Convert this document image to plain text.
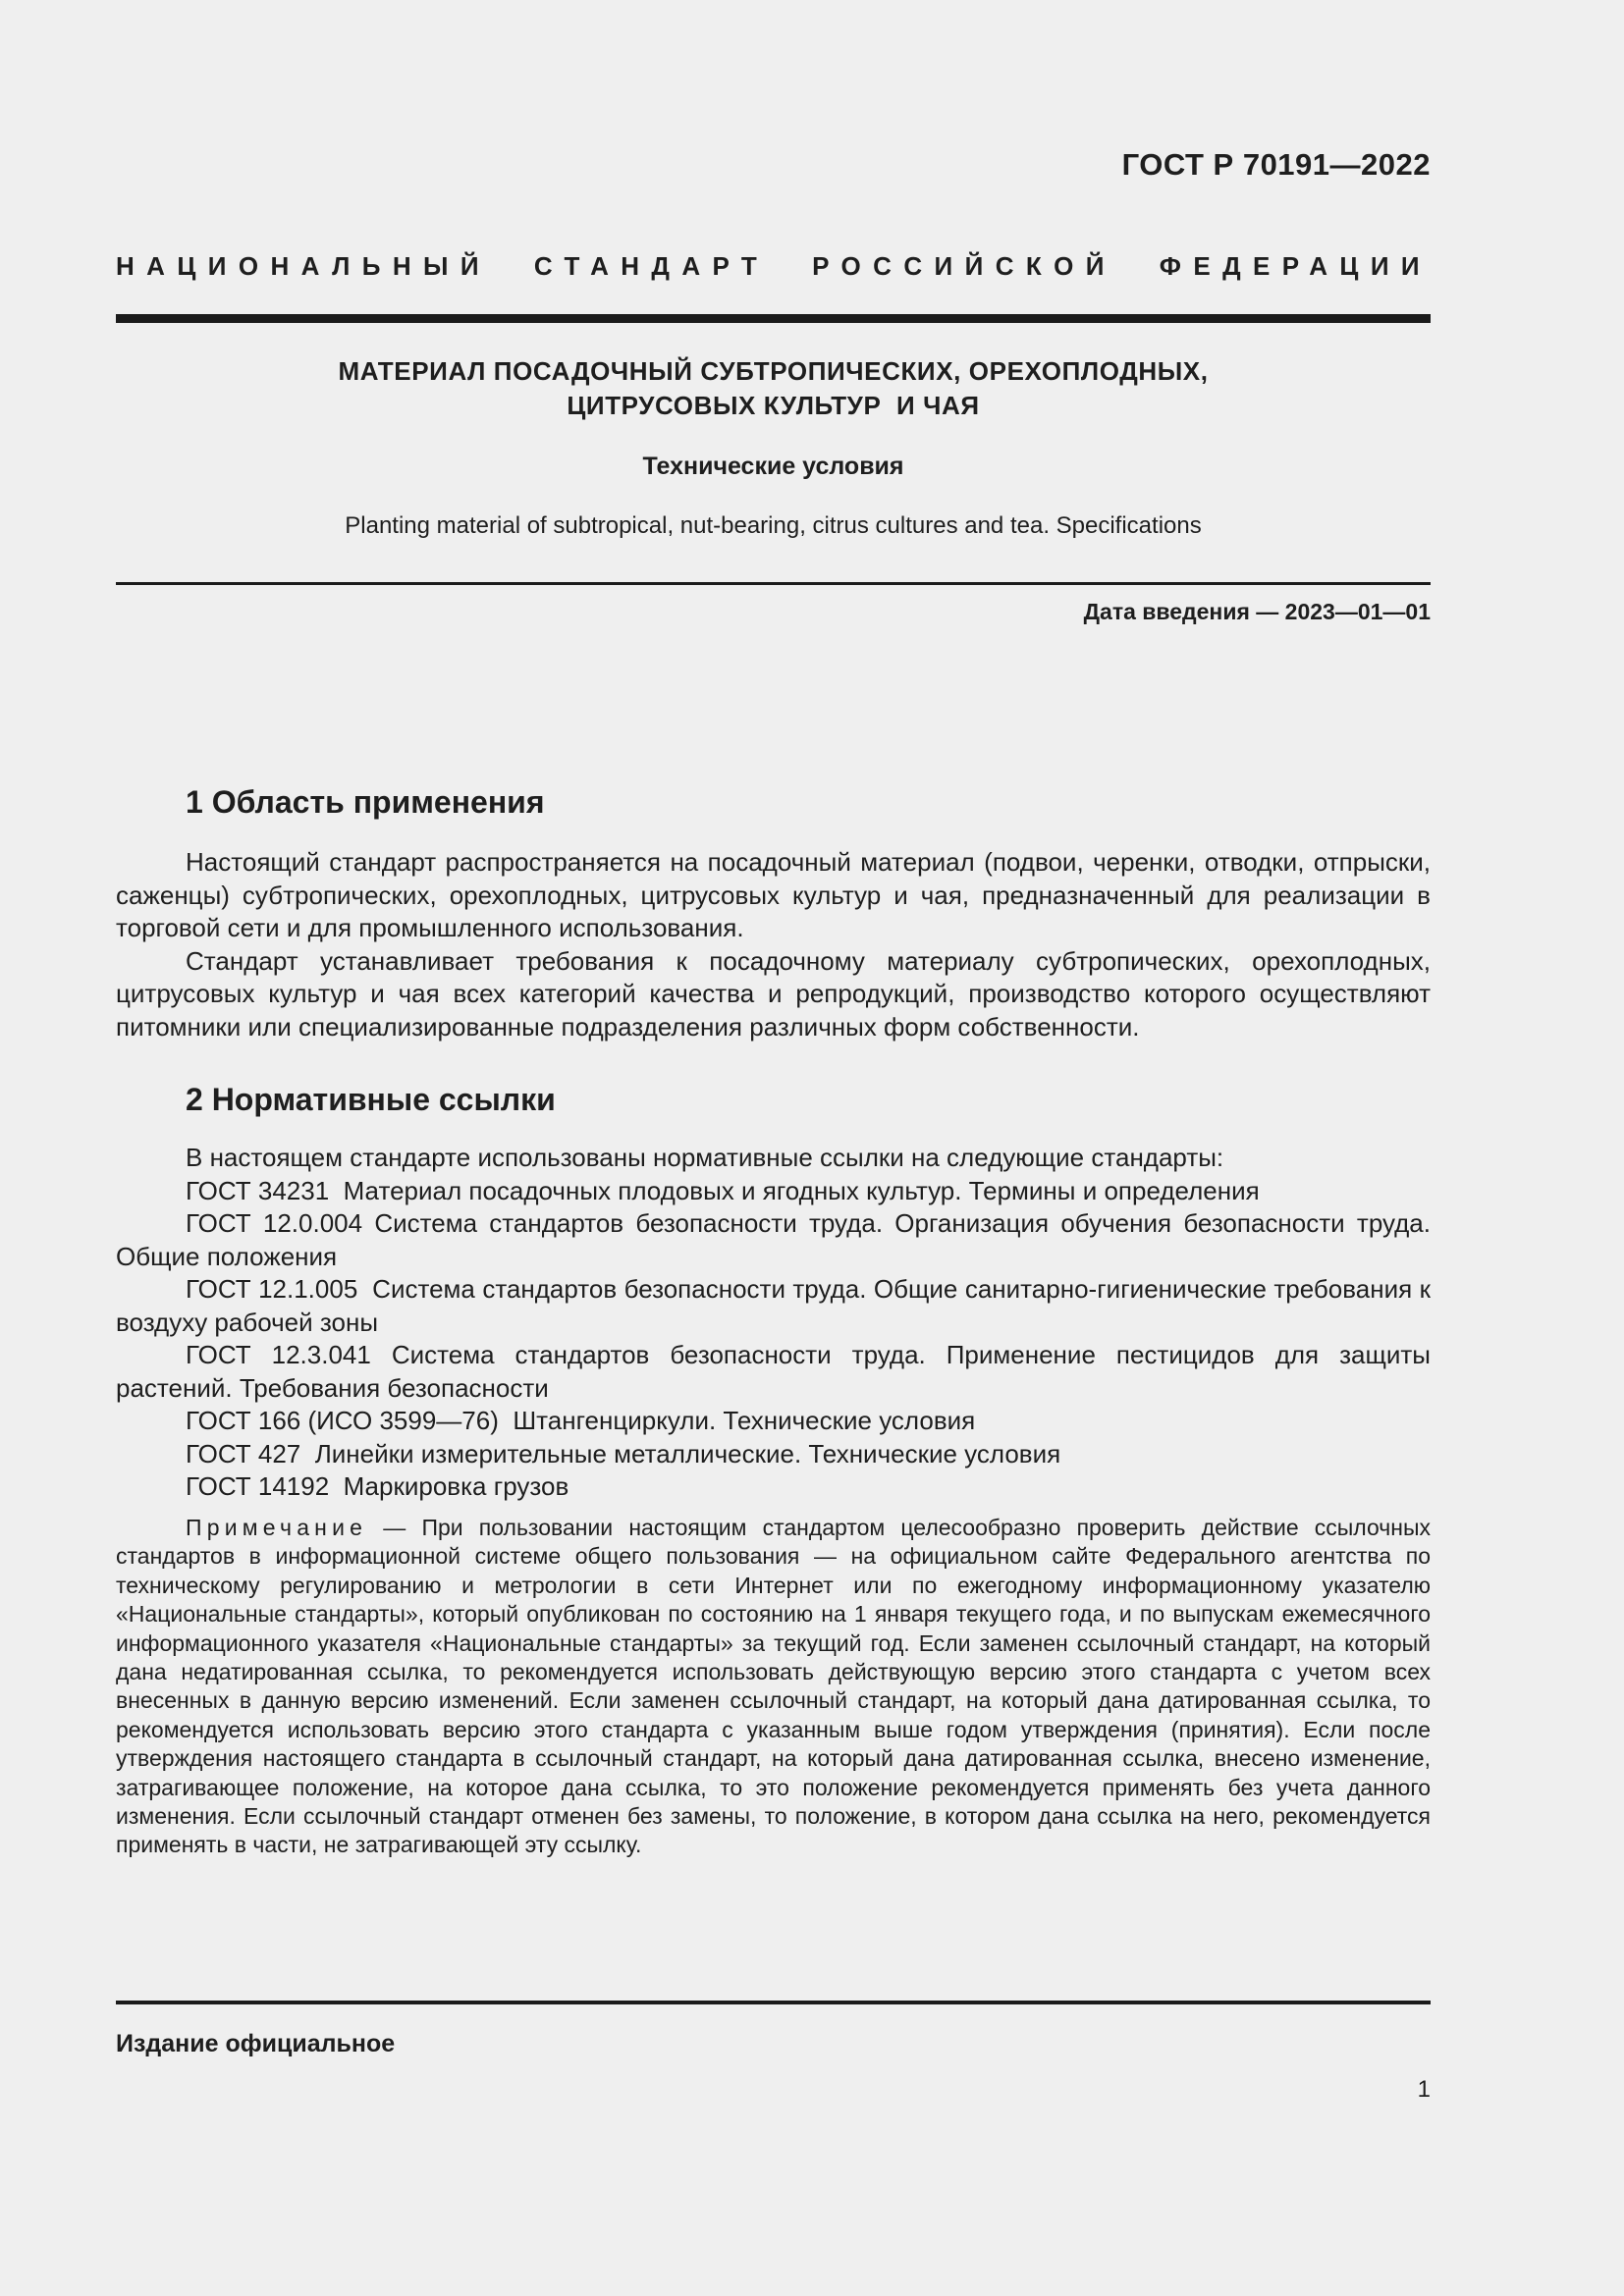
ГОСТ Р 70191—2022
НАЦИОНАЛЬНЫЙ СТАНДАРТ РОССИЙСКОЙ ФЕДЕРАЦИИ
МАТЕРИАЛ ПОСАДОЧНЫЙ СУБТРОПИЧЕСКИХ, ОРЕХОПЛОДНЫХ,
ЦИТРУСОВЫХ КУЛЬТУР  И ЧАЯ
Технические условия
Planting material of subtropical, nut-bearing, citrus cultures and tea. Specifications
Дата введения — 2023—01—01
1 Область применения

Настоящий стандарт распространяется на посадочный материал (подвои, черенки, отводки, отпрыски, саженцы) субтропических, орехоплодных, цитрусовых культур и чая, предназначенный для реализации в торговой сети и для промышленного использования.

Стандарт устанавливает требования к посадочному материалу субтропических, орехоплодных, цитрусовых культур и чая всех категорий качества и репродукций, производство которого осуществляют питомники или специализированные подразделения различных форм собственности.

2 Нормативные ссылки

В настоящем стандарте использованы нормативные ссылки на следующие стандарты:

ГОСТ 34231  Материал посадочных плодовых и ягодных культур. Термины и определения

ГОСТ 12.0.004 Система стандартов безопасности труда. Организация обучения безопасности труда. Общие положения

ГОСТ 12.1.005  Система стандартов безопасности труда. Общие санитарно-гигиенические требования к воздуху рабочей зоны

ГОСТ 12.3.041 Система стандартов безопасности труда. Применение пестицидов для защиты растений. Требования безопасности

ГОСТ 166 (ИСО 3599—76)  Штангенциркули. Технические условия

ГОСТ 427  Линейки измерительные металлические. Технические условия

ГОСТ 14192  Маркировка грузов

Примечание — При пользовании настоящим стандартом целесообразно проверить действие ссылочных стандартов в информационной системе общего пользования — на официальном сайте Федерального агентства по техническому регулированию и метрологии в сети Интернет или по ежегодному информационному указателю «Национальные стандарты», который опубликован по состоянию на 1 января текущего года, и по выпускам ежемесячного информационного указателя «Национальные стандарты» за текущий год. Если заменен ссылочный стандарт, на который дана недатированная ссылка, то рекомендуется использовать действующую версию этого стандарта с учетом всех внесенных в данную версию изменений. Если заменен ссылочный стандарт, на который дана датированная ссылка, то рекомендуется использовать версию этого стандарта с указанным выше годом утверждения (принятия). Если после утверждения настоящего стандарта в ссылочный стандарт, на который дана датированная ссылка, внесено изменение, затрагивающее положение, на которое дана ссылка, то это положение рекомендуется применять без учета данного изменения. Если ссылочный стандарт отменен без замены, то положение, в котором дана ссылка на него, рекомендуется применять в части, не затрагивающей эту ссылку.
Издание официальное
1
